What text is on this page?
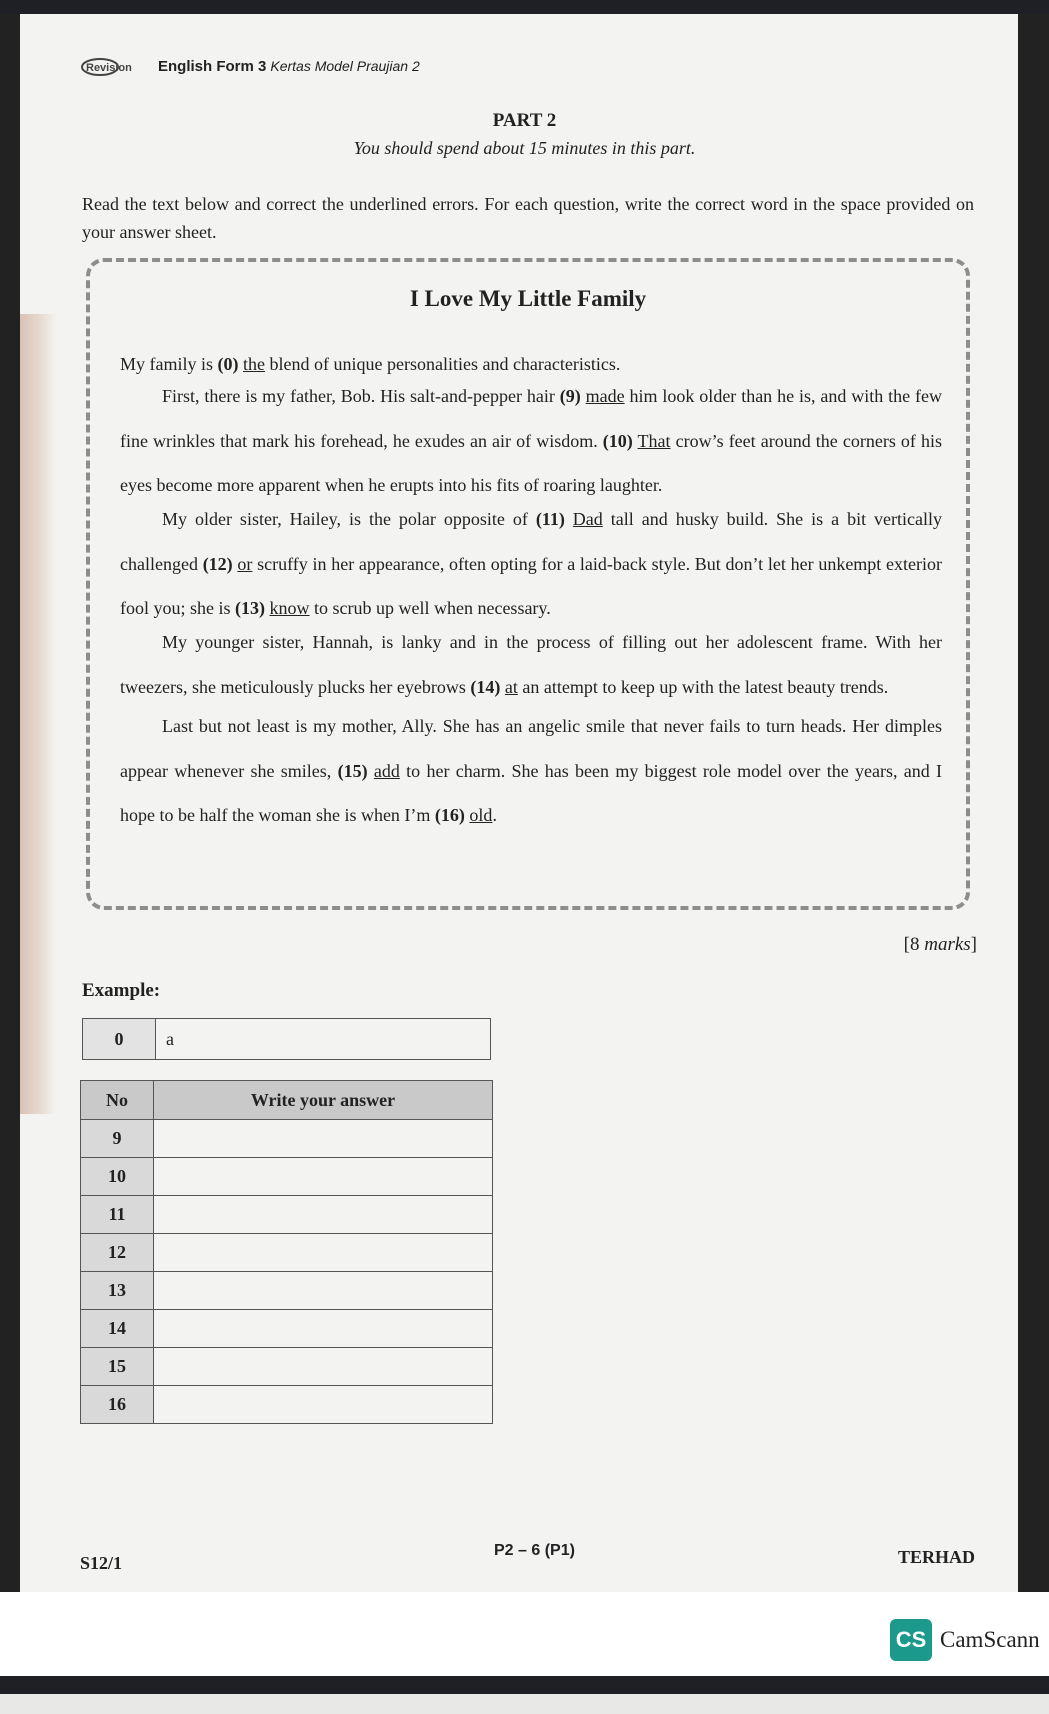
Revision English Form 3 Kertas Model Praujian 2
PART 2
You should spend about 15 minutes in this part.
Read the text below and correct the underlined errors. For each question, write the correct word in the space provided on your answer sheet.
I Love My Little Family
My family is (0) the blend of unique personalities and characteristics.
First, there is my father, Bob. His salt-and-pepper hair (9) made him look older than he is, and with the few fine wrinkles that mark his forehead, he exudes an air of wisdom. (10) That crow’s feet around the corners of his eyes become more apparent when he erupts into his fits of roaring laughter.
My older sister, Hailey, is the polar opposite of (11) Dad tall and husky build. She is a bit vertically challenged (12) or scruffy in her appearance, often opting for a laid-back style. But don’t let her unkempt exterior fool you; she is (13) know to scrub up well when necessary.
My younger sister, Hannah, is lanky and in the process of filling out her adolescent frame. With her tweezers, she meticulously plucks her eyebrows (14) at an attempt to keep up with the latest beauty trends.
Last but not least is my mother, Ally. She has an angelic smile that never fails to turn heads. Her dimples appear whenever she smiles, (15) add to her charm. She has been my biggest role model over the years, and I hope to be half the woman she is when I’m (16) old.
[8 marks]
Example:
0	a
No	Write your answer
9	
10	
11	
12	
13	
14	
15	
16	
S12/1
P2 – 6 (P1)	TERHAD
CS CamScann
